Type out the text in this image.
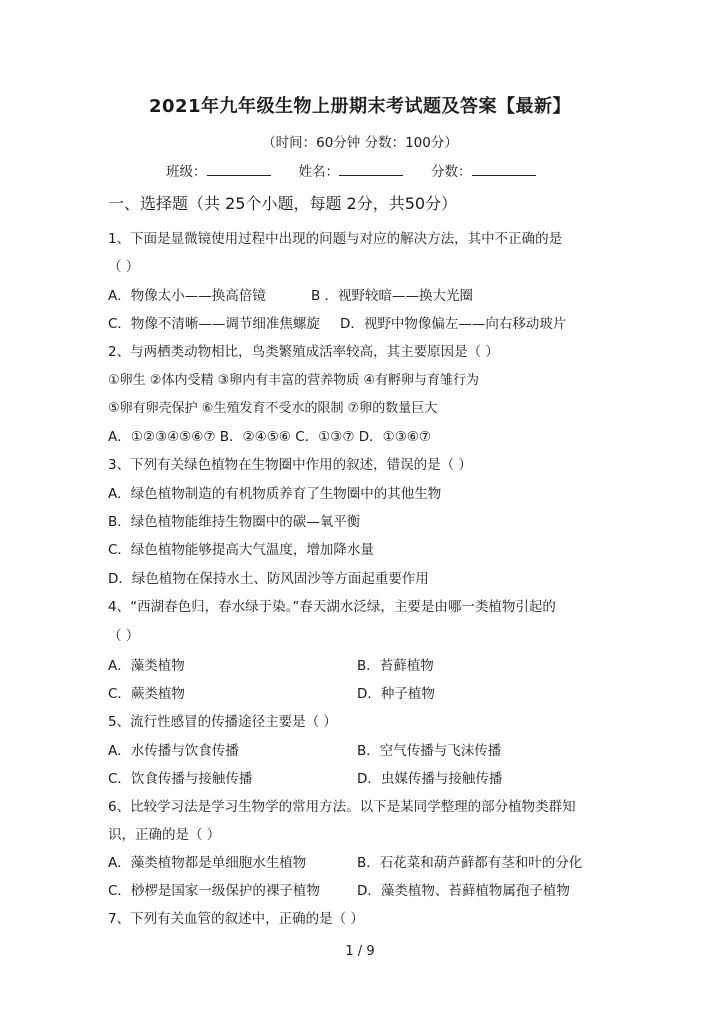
2021年九年级生物上册期末考试题及答案【最新】
（时间：60分钟 分数：100分）
班级：	姓名：	分数：
一、选择题（共 25个小题，每题 2分，共50分）
1、下面是显微镜使用过程中出现的问题与对应的解决方法，其中不正确的是
（ ）
A．物像太小——换高倍镜	B ．视野较暗——换大光圈
C．物像不清晰——调节细准焦螺旋 D．视野中物像偏左——向右移动玻片
2、与两栖类动物相比，鸟类繁殖成活率较高，其主要原因是（ ）
①卵生 ②体内受精 ③卵内有丰富的营养物质 ④有孵卵与育雏行为
⑤卵有卵壳保护 ⑥生殖发育不受水的限制 ⑦卵的数量巨大
A．①②③④⑤⑥⑦ B．②④⑤⑥ C．①③⑦ D．①③⑥⑦
3、下列有关绿色植物在生物圈中作用的叙述，错误的是（ ）
A．绿色植物制造的有机物质养育了生物圈中的其他生物
B．绿色植物能维持生物圈中的碳—氧平衡
C．绿色植物能够提高大气温度，增加降水量
D．绿色植物在保持水土、防风固沙等方面起重要作用
4、“西湖春色归，春水绿于染。”春天湖水泛绿，主要是由哪一类植物引起的
（ ）
A．藻类植物	B．苔藓植物
C．蕨类植物	D．种子植物
5、流行性感冒的传播途径主要是（ ）
A．水传播与饮食传播	B．空气传播与飞沫传播
C．饮食传播与接触传播	D．虫媒传播与接触传播
6、比较学习法是学习生物学的常用方法。以下是某同学整理的部分植物类群知
识，正确的是（ ）
A．藻类植物都是单细胞水生植物	B．石花菜和葫芦藓都有茎和叶的分化
C．桫椤是国家一级保护的裸子植物	D．藻类植物、苔藓植物属孢子植物
7、下列有关血管的叙述中，正确的是（ ）
1 / 9
